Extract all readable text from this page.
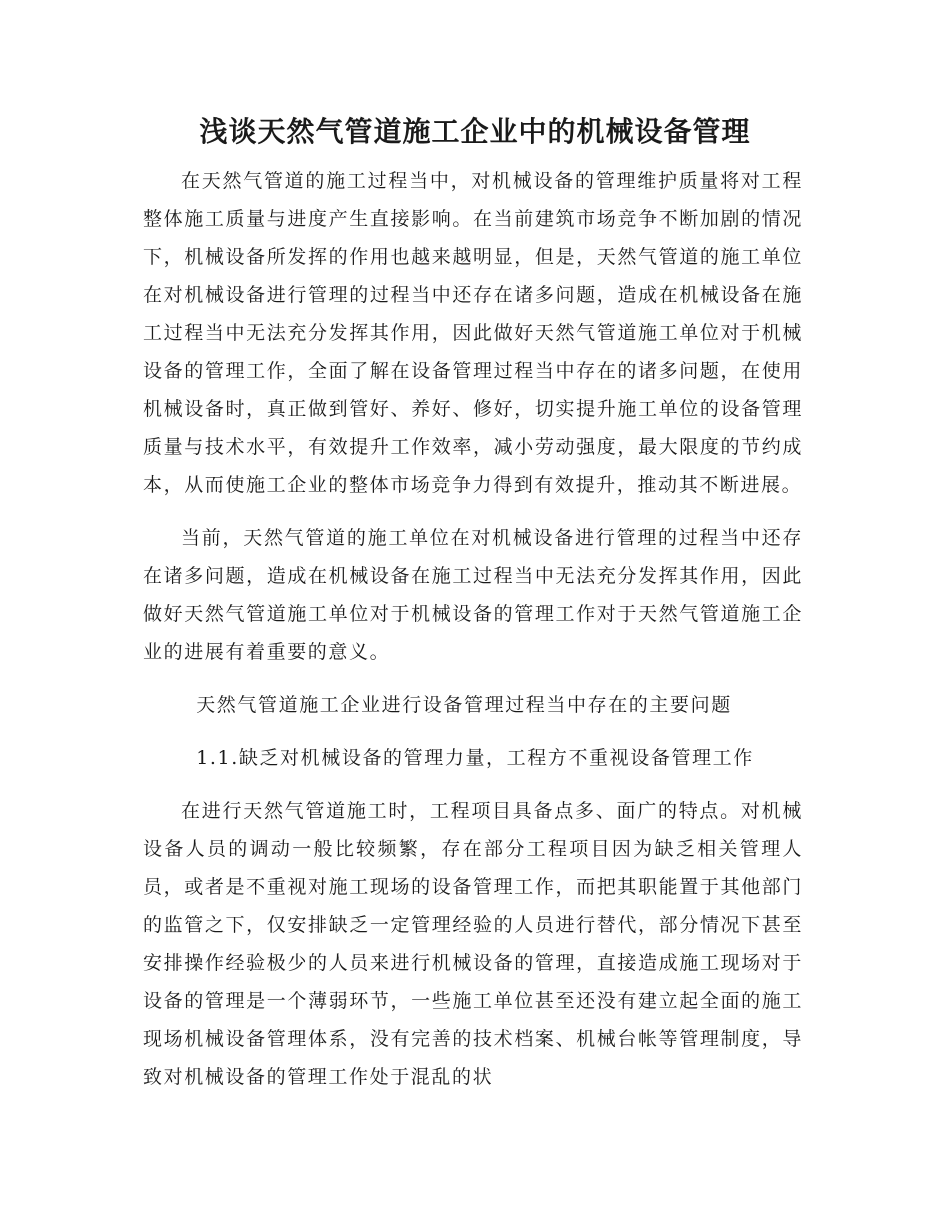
浅谈天然气管道施工企业中的机械设备管理

在天然气管道的施工过程当中，对机械设备的管理维护质量将对工程整体施工质量与进度产生直接影响。在当前建筑市场竞争不断加剧的情况下，机械设备所发挥的作用也越来越明显，但是，天然气管道的施工单位在对机械设备进行管理的过程当中还存在诸多问题，造成在机械设备在施工过程当中无法充分发挥其作用，因此做好天然气管道施工单位对于机械设备的管理工作，全面了解在设备管理过程当中存在的诸多问题，在使用机械设备时，真正做到管好、养好、修好，切实提升施工单位的设备管理质量与技术水平，有效提升工作效率，减小劳动强度，最大限度的节约成本，从而使施工企业的整体市场竞争力得到有效提升，推动其不断进展。

当前，天然气管道的施工单位在对机械设备进行管理的过程当中还存在诸多问题，造成在机械设备在施工过程当中无法充分发挥其作用，因此做好天然气管道施工单位对于机械设备的管理工作对于天然气管道施工企业的进展有着重要的意义。

天然气管道施工企业进行设备管理过程当中存在的主要问题

1.1.缺乏对机械设备的管理力量，工程方不重视设备管理工作

在进行天然气管道施工时，工程项目具备点多、面广的特点。对机械设备人员的调动一般比较频繁，存在部分工程项目因为缺乏相关管理人员，或者是不重视对施工现场的设备管理工作，而把其职能置于其他部门的监管之下，仅安排缺乏一定管理经验的人员进行替代，部分情况下甚至安排操作经验极少的人员来进行机械设备的管理，直接造成施工现场对于设备的管理是一个薄弱环节，一些施工单位甚至还没有建立起全面的施工现场机械设备管理体系，没有完善的技术档案、机械台帐等管理制度，导致对机械设备的管理工作处于混乱的状
